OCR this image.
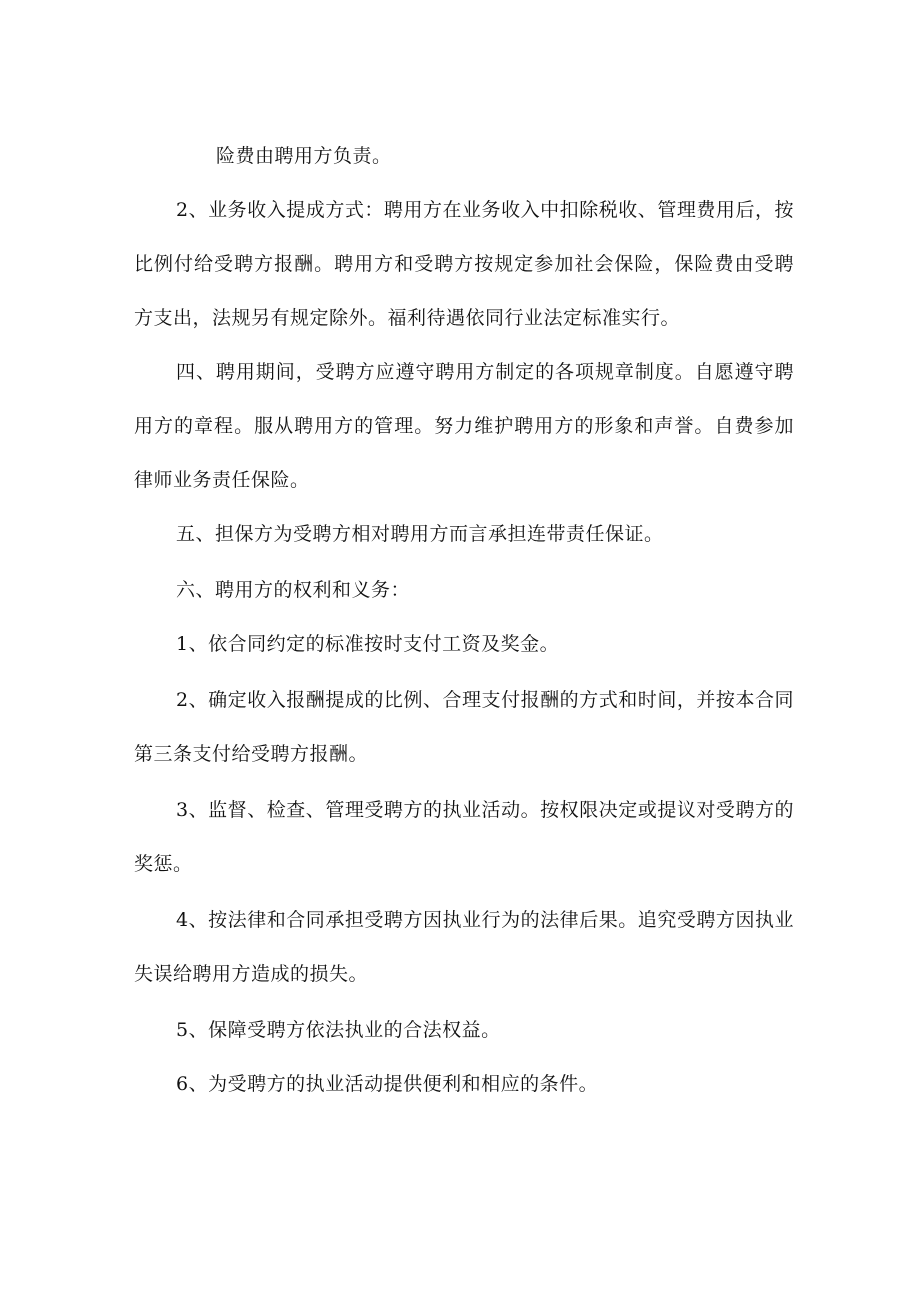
险费由聘用方负责。

2、业务收入提成方式：聘用方在业务收入中扣除税收、管理费用后，按比例付给受聘方报酬。聘用方和受聘方按规定参加社会保险，保险费由受聘方支出，法规另有规定除外。福利待遇依同行业法定标准实行。

四、聘用期间，受聘方应遵守聘用方制定的各项规章制度。自愿遵守聘用方的章程。服从聘用方的管理。努力维护聘用方的形象和声誉。自费参加律师业务责任保险。

五、担保方为受聘方相对聘用方而言承担连带责任保证。

六、聘用方的权利和义务：

1、依合同约定的标准按时支付工资及奖金。

2、确定收入报酬提成的比例、合理支付报酬的方式和时间，并按本合同第三条支付给受聘方报酬。

3、监督、检查、管理受聘方的执业活动。按权限决定或提议对受聘方的奖惩。

4、按法律和合同承担受聘方因执业行为的法律后果。追究受聘方因执业失误给聘用方造成的损失。

5、保障受聘方依法执业的合法权益。

6、为受聘方的执业活动提供便利和相应的条件。
